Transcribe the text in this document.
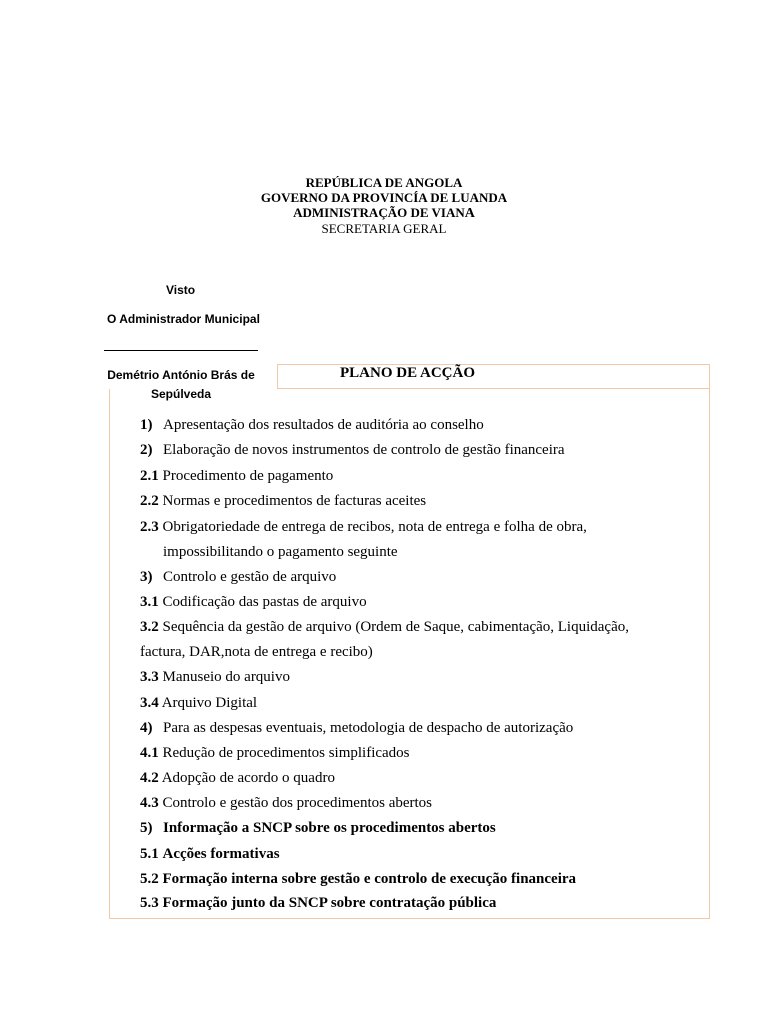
REPÚBLICA DE ANGOLA
GOVERNO DA PROVINCÍA DE LUANDA
ADMINISTRAÇÃO DE VIANA
SECRETARIA GERAL
Visto
O Administrador Municipal
Demétrio António Brás de
Sepúlveda
PLANO DE ACÇÃO
1) Apresentação dos resultados de auditória ao conselho
2) Elaboração de novos instrumentos de controlo de gestão financeira
2.1 Procedimento de pagamento
2.2 Normas e procedimentos de facturas aceites
2.3 Obrigatoriedade de entrega de recibos, nota de entrega e folha de obra,
impossibilitando o pagamento seguinte
3) Controlo e gestão de arquivo
3.1 Codificação das pastas de arquivo
3.2 Sequência da gestão de arquivo (Ordem de Saque, cabimentação, Liquidação,
factura, DAR,nota de entrega e recibo)
3.3 Manuseio do arquivo
3.4 Arquivo Digital
4) Para as despesas eventuais, metodologia de despacho de autorização
4.1 Redução de procedimentos simplificados
4.2 Adopção de acordo o quadro
4.3 Controlo e gestão dos procedimentos abertos
5) Informação a SNCP sobre os procedimentos abertos
5.1 Acções formativas
5.2 Formação interna sobre gestão e controlo de execução financeira
5.3 Formação junto da SNCP sobre contratação pública
